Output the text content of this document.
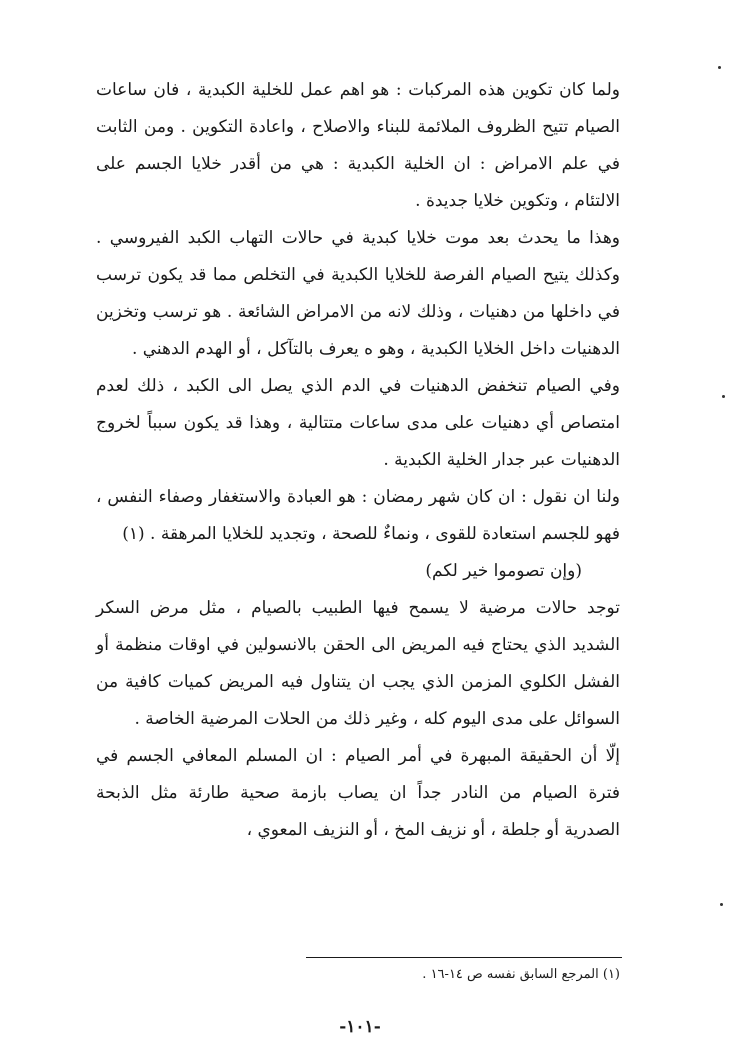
ولما كان تكوين هذه المركبات : هو اهم عمل للخلية الكبدية ، فان ساعات الصيام تتيح الظروف الملائمة للبناء والاصلاح ، واعادة التكوين . ومن الثابت في علم الامراض : ان الخلية الكبدية : هي من أقدر خلايا الجسم على الالتئام ، وتكوين خلايا جديدة .

وهذا ما يحدث بعد موت خلايا كبدية في حالات التهاب الكبد الفيروسي . وكذلك يتيح الصيام الفرصة للخلايا الكبدية في التخلص مما قد يكون ترسب في داخلها من دهنيات ، وذلك لانه من الامراض الشائعة . هو ترسب وتخزين الدهنيات داخل الخلايا الكبدية ، وهو ه يعرف بالتآكل ، أو الهدم الدهني .

وفي الصيام تنخفض الدهنيات في الدم الذي يصل الى الكبد ، ذلك لعدم امتصاص أي دهنيات على مدى ساعات متتالية ، وهذا قد يكون سبباً لخروج الدهنيات عبر جدار الخلية الكبدية .

ولنا ان نقول : ان كان شهر رمضان : هو العبادة والاستغفار وصفاء النفس ، فهو للجسم استعادة للقوى ، ونماءٌ للصحة ، وتجديد للخلايا المرهقة . (١)

(وإن تصوموا خير لكم)

توجد حالات مرضية لا يسمح فيها الطبيب بالصيام ، مثل مرض السكر الشديد الذي يحتاج فيه المريض الى الحقن بالانسولين في اوقات منظمة أو الفشل الكلوي المزمن الذي يجب ان يتناول فيه المريض كميات كافية من السوائل على مدى اليوم كله ، وغير ذلك من الحلات المرضية الخاصة .

إلّا أن الحقيقة المبهرة في أمر الصيام : ان المسلم المعافي الجسم في فترة الصيام من النادر جداً ان يصاب بازمة صحية طارئة مثل الذبحة الصدرية أو جلطة ، أو نزيف المخ ، أو النزيف المعوي ،

(١) المرجع السابق نفسه ص ١٤-١٦ .

-١٠١-
